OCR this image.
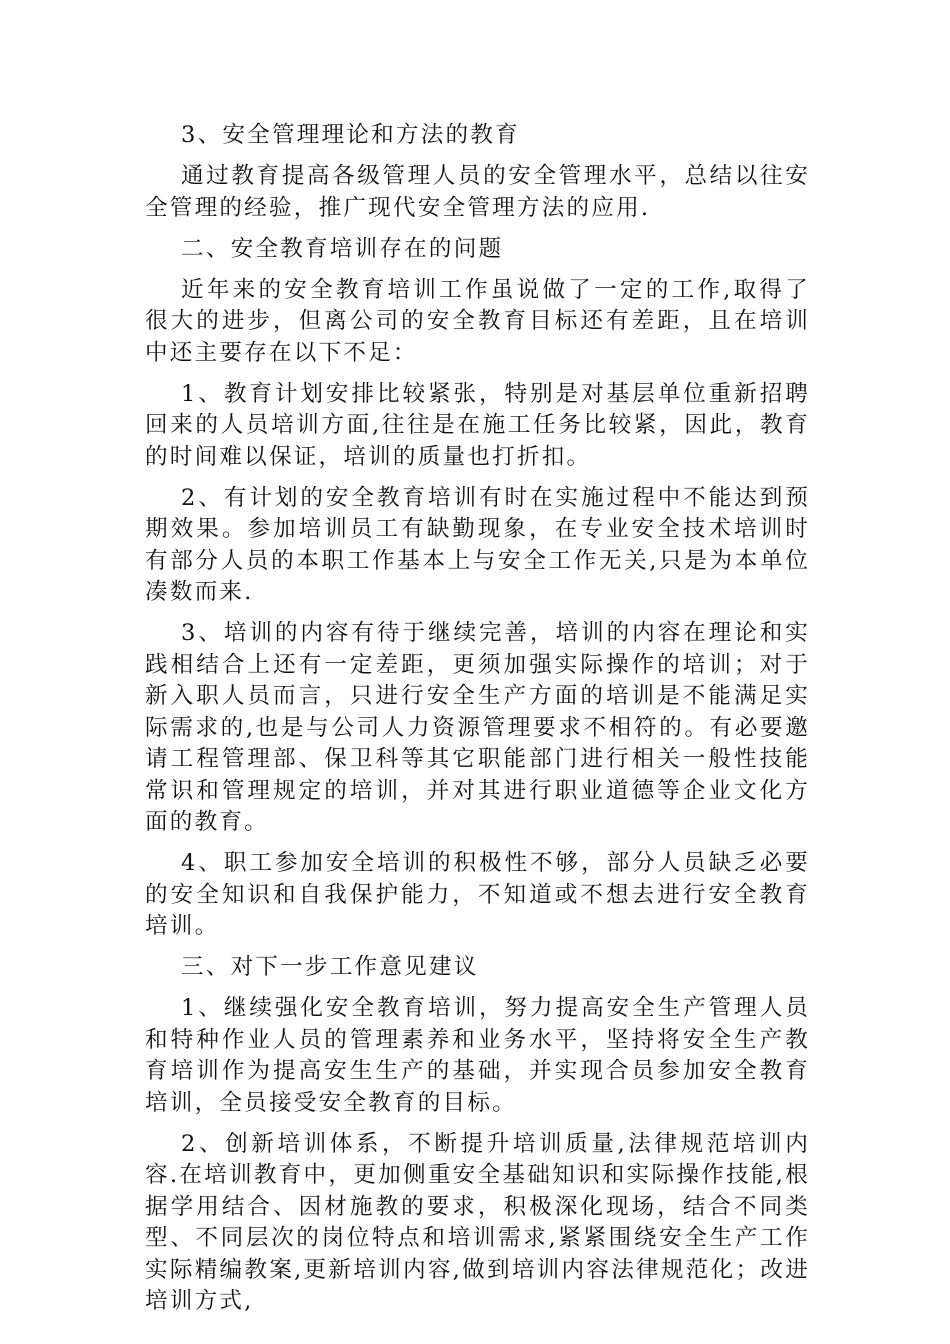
3、安全管理理论和方法的教育

通过教育提高各级管理人员的安全管理水平，总结以往安全管理的经验，推广现代安全管理方法的应用.

二、安全教育培训存在的问题

近年来的安全教育培训工作虽说做了一定的工作,取得了很大的进步，但离公司的安全教育目标还有差距，且在培训中还主要存在以下不足：

1、教育计划安排比较紧张，特别是对基层单位重新招聘回来的人员培训方面,往往是在施工任务比较紧，因此，教育的时间难以保证，培训的质量也打折扣。

2、有计划的安全教育培训有时在实施过程中不能达到预期效果。参加培训员工有缺勤现象，在专业安全技术培训时有部分人员的本职工作基本上与安全工作无关,只是为本单位凑数而来.

3、培训的内容有待于继续完善，培训的内容在理论和实践相结合上还有一定差距，更须加强实际操作的培训；对于新入职人员而言，只进行安全生产方面的培训是不能满足实际需求的,也是与公司人力资源管理要求不相符的。有必要邀请工程管理部、保卫科等其它职能部门进行相关一般性技能常识和管理规定的培训，并对其进行职业道德等企业文化方面的教育。

4、职工参加安全培训的积极性不够，部分人员缺乏必要的安全知识和自我保护能力，不知道或不想去进行安全教育培训。

三、对下一步工作意见建议

1、继续强化安全教育培训，努力提高安全生产管理人员和特种作业人员的管理素养和业务水平，坚持将安全生产教育培训作为提高安生生产的基础，并实现合员参加安全教育培训，全员接受安全教育的目标。

2、创新培训体系，不断提升培训质量,法律规范培训内容.在培训教育中，更加侧重安全基础知识和实际操作技能,根据学用结合、因材施教的要求，积极深化现场，结合不同类型、不同层次的岗位特点和培训需求,紧紧围绕安全生产工作实际精编教案,更新培训内容,做到培训内容法律规范化；改进培训方式,
